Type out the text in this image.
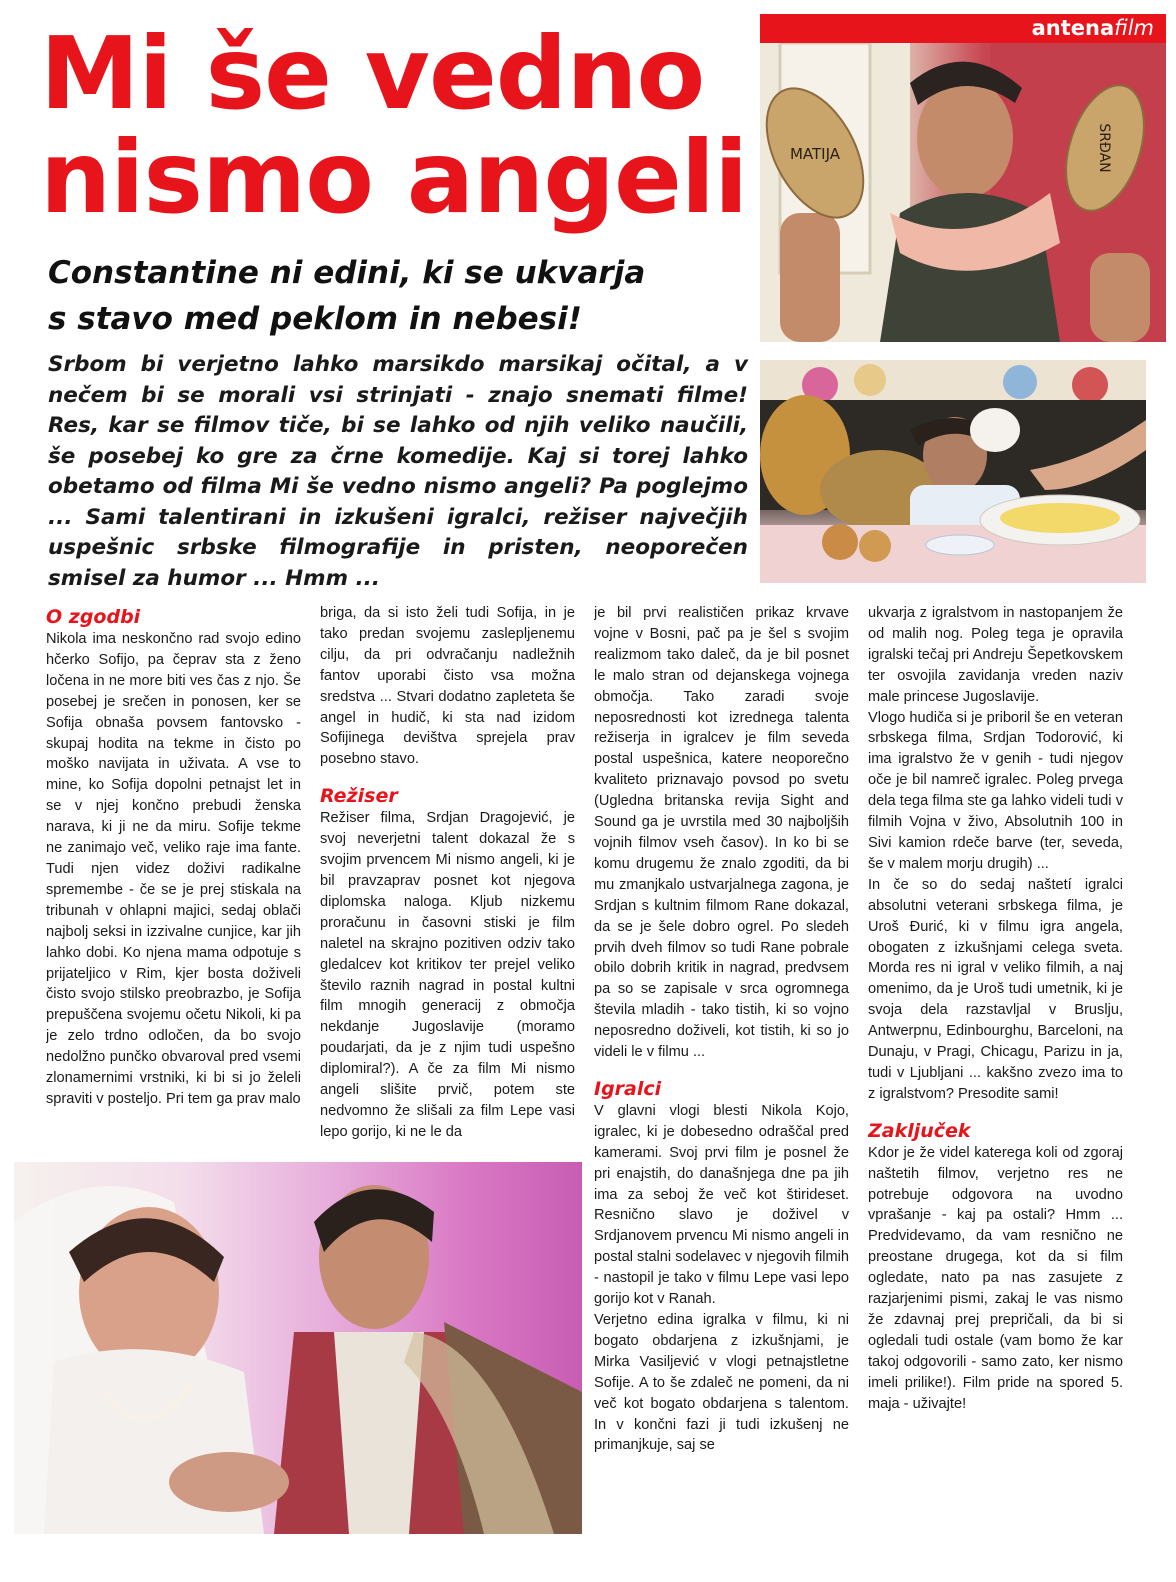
Mi še vedno
nismo angeli
Constantine ni edini, ki se ukvarja
s stavo med peklom in nebesi!

Srbom bi verjetno lahko marsikdo marsikaj očital, a v nečem bi se morali vsi strinjati - znajo snemati filme! Res, kar se filmov tiče, bi se lahko od njih veliko naučili, še posebej ko gre za črne komedije. Kaj si torej lahko obetamo od filma Mi še vedno nismo angeli? Pa poglejmo ... Sami talentirani in izkušeni igralci, režiser največjih uspešnic srbske filmografije in pristen, neoporečen smisel za humor ... Hmm ...

antenafilm
MATIJA	SRĐAN
O zgodbi

Nikola ima neskončno rad svojo edino hčerko Sofijo, pa čeprav sta z ženo ločena in ne more biti ves čas z njo. Še posebej je srečen in ponosen, ker se Sofija obnaša povsem fantovsko - skupaj hodita na tekme in čisto po moško navijata in uživata. A vse to mine, ko Sofija dopolni petnajst let in se v njej končno prebudi ženska narava, ki ji ne da miru. Sofije tekme ne zanimajo več, veliko raje ima fante. Tudi njen videz doživi radikalne spremembe - če se je prej stiskala na tribunah v ohlapni majici, sedaj oblači najbolj seksi in izzivalne cunjice, kar jih lahko dobi. Ko njena mama odpotuje s prijateljico v Rim, kjer bosta doživeli čisto svojo stilsko preobrazbo, je Sofija prepuščena svojemu očetu Nikoli, ki pa je zelo trdno odločen, da bo svojo nedolžno punčko obvaroval pred vsemi zlonamernimi vrstniki, ki bi si jo želeli spraviti v posteljo. Pri tem ga prav malo

briga, da si isto želi tudi Sofija, in je tako predan svojemu zaslepljenemu cilju, da pri odvračanju nadležnih fantov uporabi čisto vsa možna sredstva ... Stvari dodatno zapleteta še angel in hudič, ki sta nad izidom Sofijinega devištva sprejela prav posebno stavo.

Režiser

Režiser filma, Srdjan Dragojević, je svoj neverjetni talent dokazal že s svojim prvencem Mi nismo angeli, ki je bil pravzaprav posnet kot njegova diplomska naloga. Kljub nizkemu proračunu in časovni stiski je film naletel na skrajno pozitiven odziv tako gledalcev kot kritikov ter prejel veliko število raznih nagrad in postal kultni film mnogih generacij z območja nekdanje Jugoslavije (moramo poudarjati, da je z njim tudi uspešno diplomiral?). A če za film Mi nismo angeli slišite prvič, potem ste nedvomno že slišali za film Lepe vasi lepo gorijo, ki ne le da

je bil prvi realističen prikaz krvave vojne v Bosni, pač pa je šel s svojim realizmom tako daleč, da je bil posnet le malo stran od dejanskega vojnega območja. Tako zaradi svoje neposrednosti kot izrednega talenta režiserja in igralcev je film seveda postal uspešnica, katere neoporečno kvaliteto priznavajo povsod po svetu (Ugledna britanska revija Sight and Sound ga je uvrstila med 30 najboljših vojnih filmov vseh časov). In ko bi se komu drugemu že znalo zgoditi, da bi mu zmanjkalo ustvarjalnega zagona, je Srdjan s kultnim filmom Rane dokazal, da se je šele dobro ogrel. Po sledeh prvih dveh filmov so tudi Rane pobrale obilo dobrih kritik in nagrad, predvsem pa so se zapisale v srca ogromnega števila mladih - tako tistih, ki so vojno neposredno doživeli, kot tistih, ki so jo videli le v filmu ...

Igralci

V glavni vlogi blesti Nikola Kojo, igralec, ki je dobesedno odraščal pred kamerami. Svoj prvi film je posnel že pri enajstih, do današnjega dne pa jih ima za seboj že več kot štirideset. Resnično slavo je doživel v Srdjanovem prvencu Mi nismo angeli in postal stalni sodelavec v njegovih filmih - nastopil je tako v filmu Lepe vasi lepo gorijo kot v Ranah.

Verjetno edina igralka v filmu, ki ni bogato obdarjena z izkušnjami, je Mirka Vasiljević v vlogi petnajstletne Sofije. A to še zdaleč ne pomeni, da ni več kot bogato obdarjena s talentom. In v končni fazi ji tudi izkušenj ne primanjkuje, saj se

ukvarja z igralstvom in nastopanjem že od malih nog. Poleg tega je opravila igralski tečaj pri Andreju Šepetkovskem ter osvojila zavidanja vreden naziv male princese Jugoslavije.

Vlogo hudiča si je priboril še en veteran srbskega filma, Srdjan Todorović, ki ima igralstvo že v genih - tudi njegov oče je bil namreč igralec. Poleg prvega dela tega filma ste ga lahko videli tudi v filmih Vojna v živo, Absolutnih 100 in Sivi kamion rdeče barve (ter, seveda, še v malem morju drugih) ...

In če so do sedaj naštetí igralci absolutni veterani srbskega filma, je Uroš Đurić, ki v filmu igra angela, obogaten z izkušnjami celega sveta. Morda res ni igral v veliko filmih, a naj omenimo, da je Uroš tudi umetnik, ki je svoja dela razstavljal v Bruslju, Antwerpnu, Edinbourghu, Barceloni, na Dunaju, v Pragi, Chicagu, Parizu in ja, tudi v Ljubljani ... kakšno zvezo ima to z igralstvom? Presodite sami!

Zaključek

Kdor je že videl katerega koli od zgoraj naštetih filmov, verjetno res ne potrebuje odgovora na uvodno vprašanje - kaj pa ostali? Hmm ... Predvidevamo, da vam resnično ne preostane drugega, kot da si film ogledate, nato pa nas zasujete z razjarjenimi pismi, zakaj le vas nismo že zdavnaj prej prepričali, da bi si ogledali tudi ostale (vam bomo že kar takoj odgovorili - samo zato, ker nismo imeli prilike!). Film pride na spored 5. maja - uživajte!
